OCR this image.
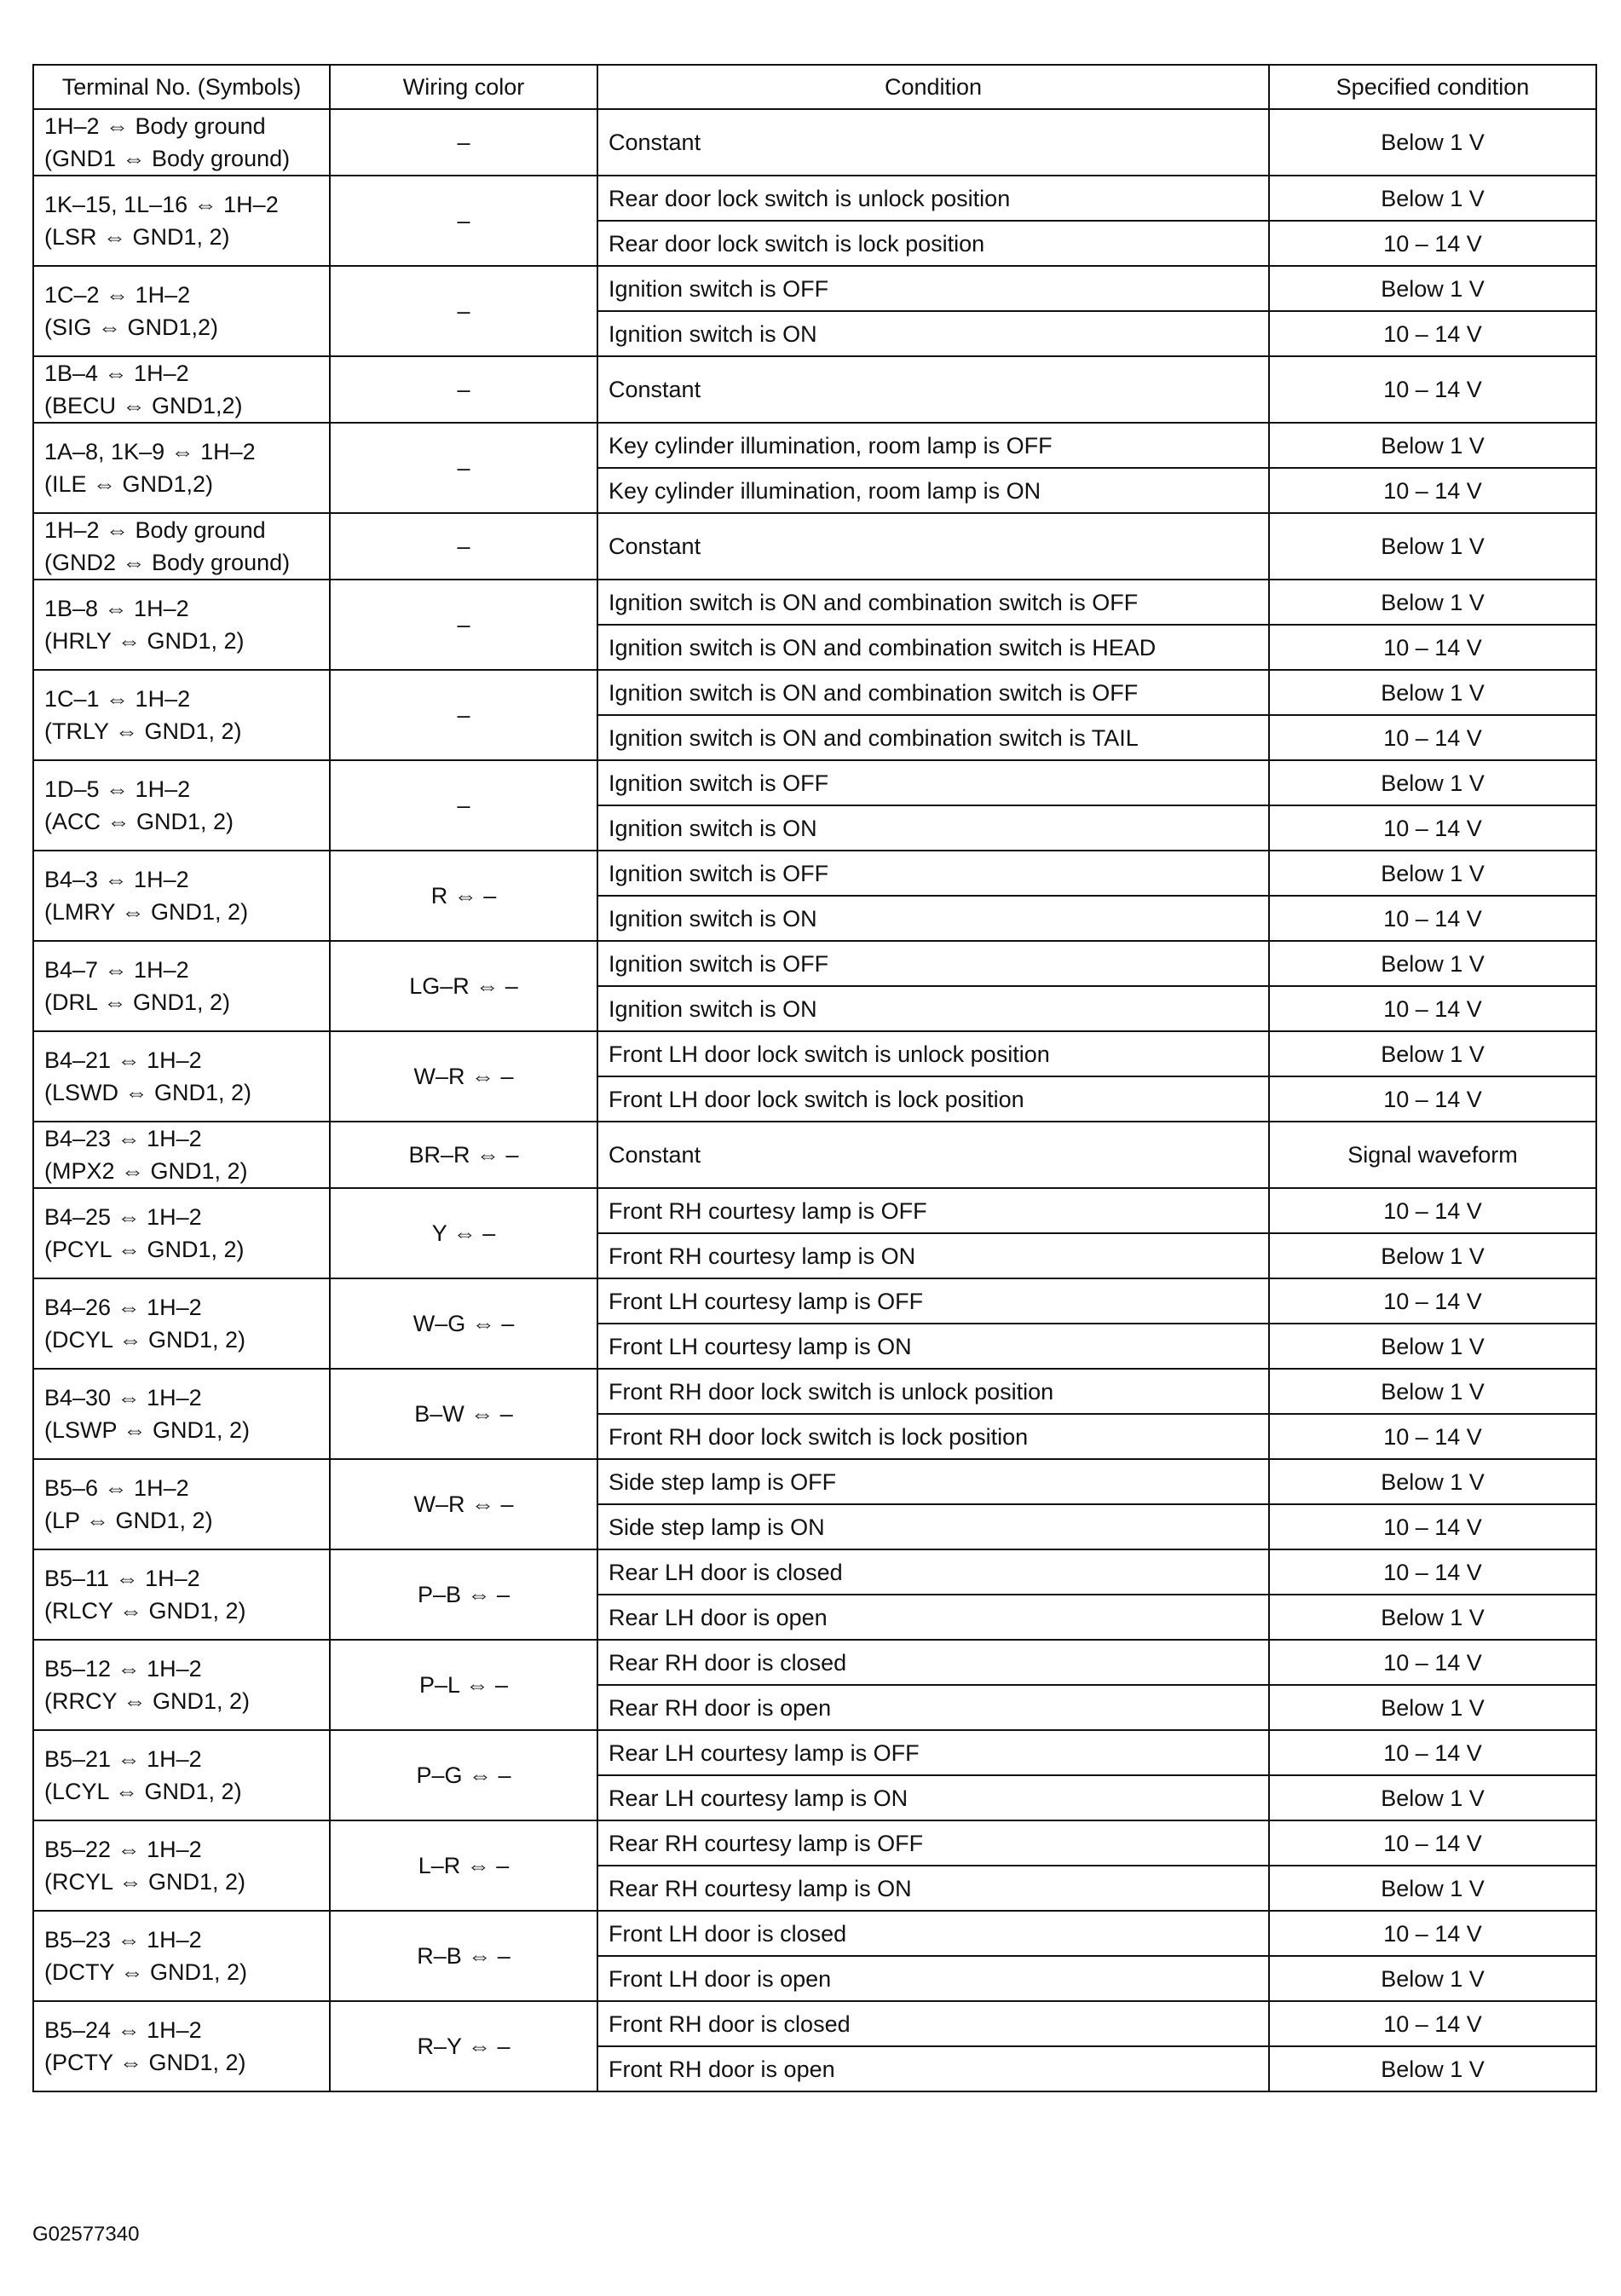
Terminal No. (Symbols)	Wiring color	Condition	Specified condition

1H–2 ⇔ Body ground
(GND1 ⇔ Body ground)	–	Constant	Below 1 V

1K–15, 1L–16 ⇔ 1H–2
(LSR ⇔ GND1, 2)	–	Rear door lock switch is unlock position	Below 1 V
		Rear door lock switch is lock position	10 – 14 V

1C–2 ⇔ 1H–2
(SIG ⇔ GND1,2)	–	Ignition switch is OFF	Below 1 V
		Ignition switch is ON	10 – 14 V

1B–4 ⇔ 1H–2
(BECU ⇔ GND1,2)	–	Constant	10 – 14 V

1A–8, 1K–9 ⇔ 1H–2
(ILE ⇔ GND1,2)	–	Key cylinder illumination, room lamp is OFF	Below 1 V
		Key cylinder illumination, room lamp is ON	10 – 14 V

1H–2 ⇔ Body ground
(GND2 ⇔ Body ground)	–	Constant	Below 1 V

1B–8 ⇔ 1H–2
(HRLY ⇔ GND1, 2)	–	Ignition switch is ON and combination switch is OFF	Below 1 V
		Ignition switch is ON and combination switch is HEAD	10 – 14 V

1C–1 ⇔ 1H–2
(TRLY ⇔ GND1, 2)	–	Ignition switch is ON and combination switch is OFF	Below 1 V
		Ignition switch is ON and combination switch is TAIL	10 – 14 V

1D–5 ⇔ 1H–2
(ACC ⇔ GND1, 2)	–	Ignition switch is OFF	Below 1 V
		Ignition switch is ON	10 – 14 V

B4–3 ⇔ 1H–2
(LMRY ⇔ GND1, 2)	R ⇔ –	Ignition switch is OFF	Below 1 V
		Ignition switch is ON	10 – 14 V

B4–7 ⇔ 1H–2
(DRL ⇔ GND1, 2)	LG–R ⇔ –	Ignition switch is OFF	Below 1 V
		Ignition switch is ON	10 – 14 V

B4–21 ⇔ 1H–2
(LSWD ⇔ GND1, 2)	W–R ⇔ –	Front LH door lock switch is unlock position	Below 1 V
		Front LH door lock switch is lock position	10 – 14 V

B4–23 ⇔ 1H–2
(MPX2 ⇔ GND1, 2)	BR–R ⇔ –	Constant	Signal waveform

B4–25 ⇔ 1H–2
(PCYL ⇔ GND1, 2)	Y ⇔ –	Front RH courtesy lamp is OFF	10 – 14 V
		Front RH courtesy lamp is ON	Below 1 V

B4–26 ⇔ 1H–2
(DCYL ⇔ GND1, 2)	W–G ⇔ –	Front LH courtesy lamp is OFF	10 – 14 V
		Front LH courtesy lamp is ON	Below 1 V

B4–30 ⇔ 1H–2
(LSWP ⇔ GND1, 2)	B–W ⇔ –	Front RH door lock switch is unlock position	Below 1 V
		Front RH door lock switch is lock position	10 – 14 V

B5–6 ⇔ 1H–2
(LP ⇔ GND1, 2)	W–R ⇔ –	Side step lamp is OFF	Below 1 V
		Side step lamp is ON	10 – 14 V

B5–11 ⇔ 1H–2
(RLCY ⇔ GND1, 2)	P–B ⇔ –	Rear LH door is closed	10 – 14 V
		Rear LH door is open	Below 1 V

B5–12 ⇔ 1H–2
(RRCY ⇔ GND1, 2)	P–L ⇔ –	Rear RH door is closed	10 – 14 V
		Rear RH door is open	Below 1 V

B5–21 ⇔ 1H–2
(LCYL ⇔ GND1, 2)	P–G ⇔ –	Rear LH courtesy lamp is OFF	10 – 14 V
		Rear LH courtesy lamp is ON	Below 1 V

B5–22 ⇔ 1H–2
(RCYL ⇔ GND1, 2)	L–R ⇔ –	Rear RH courtesy lamp is OFF	10 – 14 V
		Rear RH courtesy lamp is ON	Below 1 V

B5–23 ⇔ 1H–2
(DCTY ⇔ GND1, 2)	R–B ⇔ –	Front LH door is closed	10 – 14 V
		Front LH door is open	Below 1 V

B5–24 ⇔ 1H–2
(PCTY ⇔ GND1, 2)	R–Y ⇔ –	Front RH door is closed	10 – 14 V
		Front RH door is open	Below 1 V
G02577340
